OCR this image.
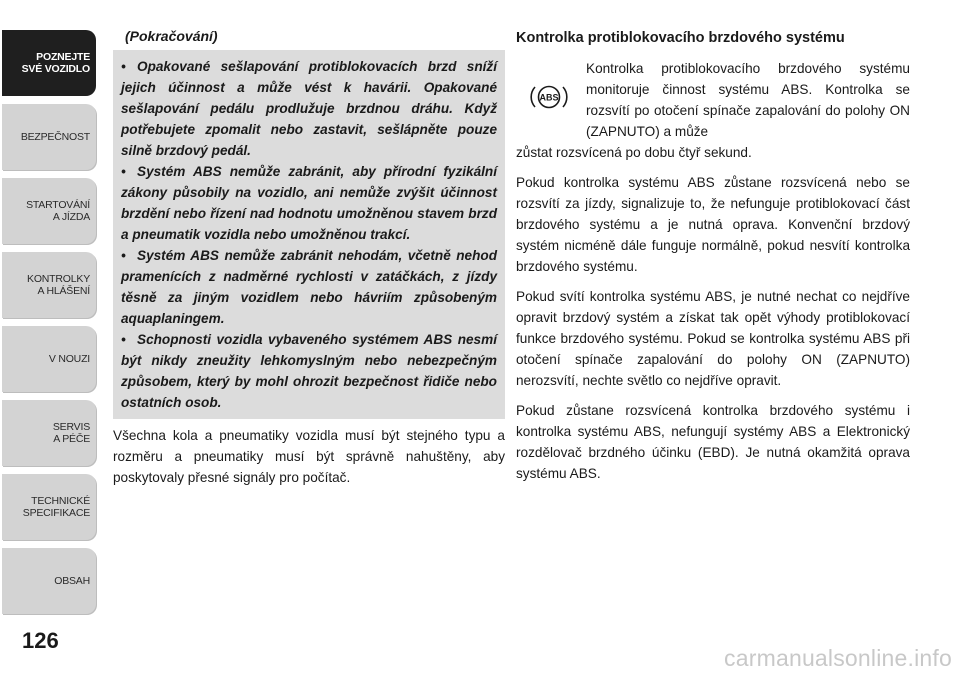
POZNEJTE
SVÉ VOZIDLO
BEZPEČNOST
STARTOVÁNÍ
A JÍZDA
KONTROLKY
A HLÁŠENÍ
V NOUZI
SERVIS
A PÉČE
TECHNICKÉ
SPECIFIKACE
OBSAH
126
(Pokračování)

• Opakované sešlapování protiblokovacích brzd sníží jejich účinnost a může vést k havárii. Opakované sešlapování pedálu prodlužuje brzdnou dráhu. Když potřebujete zpomalit nebo zastavit, sešlápněte pouze silně brzdový pedál.

• Systém ABS nemůže zabránit, aby přírodní fyzikální zákony působily na vozidlo, ani nemůže zvýšit účinnost brzdění nebo řízení nad hodnotu umožněnou stavem brzd a pneumatik vozidla nebo umožněnou trakcí.

• Systém ABS nemůže zabránit nehodám, včetně nehod pramenících z nadměrné rychlosti v zatáčkách, z jízdy těsně za jiným vozidlem nebo hávriím způsobeným aquaplaningem.

• Schopnosti vozidla vybaveného systémem ABS nesmí být nikdy zneužity lehkomyslným nebo nebezpečným způsobem, který by mohl ohrozit bezpečnost řidiče nebo ostatních osob.

Všechna kola a pneumatiky vozidla musí být stejného typu a rozměru a pneumatiky musí být správně nahuštěny, aby poskytovaly přesné signály pro počítač.

Kontrolka protiblokovacího brzdového systému

ABS

Kontrolka protiblokovacího brzdového systému monitoruje činnost systému ABS. Kontrolka se rozsvítí po otočení spínače zapalování do polohy ON (ZAPNUTO) a může

zůstat rozsvícená po dobu čtyř sekund.

Pokud kontrolka systému ABS zůstane rozsvícená nebo se rozsvítí za jízdy, signalizuje to, že nefunguje protiblokovací část brzdového systému a je nutná oprava. Konvenční brzdový systém nicméně dále funguje normálně, pokud nesvítí kontrolka brzdového systému.

Pokud svítí kontrolka systému ABS, je nutné nechat co nejdříve opravit brzdový systém a získat tak opět výhody protiblokovací funkce brzdového systému. Pokud se kontrolka systému ABS při otočení spínače zapalování do polohy ON (ZAPNUTO) nerozsvítí, nechte světlo co nejdříve opravit.

Pokud zůstane rozsvícená kontrolka brzdového systému i kontrolka systému ABS, nefungují systémy ABS a Elektronický rozdělovač brzdného účinku (EBD). Je nutná okamžitá oprava systému ABS.

carmanualsonline.info
